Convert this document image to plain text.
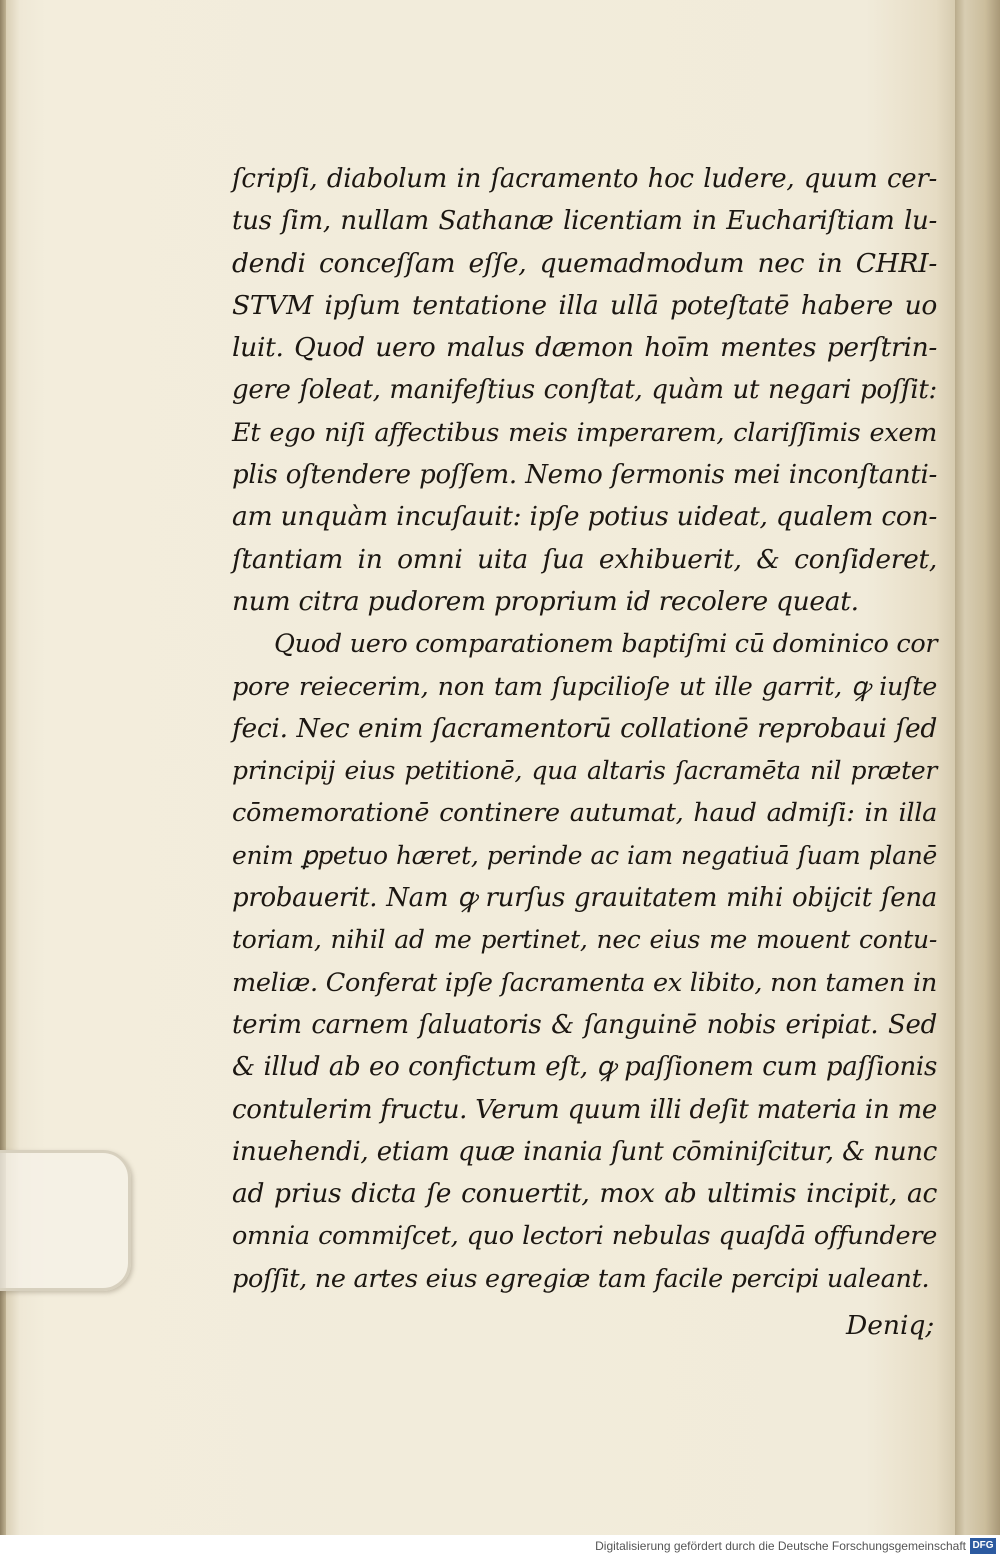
ſcripſi, diabolum in ſacramento hoc ludere, quum cer-
tus ſim, nullam Sathanæ licentiam in Euchariſtiam lu-
dendi conceſſam eſſe, quemadmodum nec in CHRI-
STVM ipſum tentatione illa ullā poteſtatē habere uo
luit. Quod uero malus dæmon hoīm mentes perſtrin-
gere ſoleat, manifeſtius conſtat, quàm ut negari poſſit:
Et ego niſi affectibus meis imperarem, clariſſimis exem
plis oſtendere poſſem. Nemo ſermonis mei inconſtanti-
am unquàm incuſauit: ipſe potius uideat, qualem con-
ſtantiam in omni uita ſua exhibuerit, & conſideret,
num citra pudorem proprium id recolere queat.
Quod uero comparationem baptiſmi cū dominico cor
pore reiecerim, non tam ſupcilioſe ut ille garrit, ꝙ iuſte
feci. Nec enim ſacramentorū collationē reprobaui ſed
principij eius petitionē, qua altaris ſacramēta nil præter
cōmemorationē continere autumat, haud admiſi: in illa
enim ꝑpetuo hæret, perinde ac iam negatiuā ſuam planē
probauerit. Nam ꝙ rurſus grauitatem mihi obijcit ſena
toriam, nihil ad me pertinet, nec eius me mouent contu-
meliæ. Conferat ipſe ſacramenta ex libito, non tamen in
terim carnem ſaluatoris & ſanguinē nobis eripiat. Sed
& illud ab eo confictum eſt, ꝙ paſſionem cum paſſionis
contulerim fructu. Verum quum illi deſit materia in me
inuehendi, etiam quæ inania ſunt cōminiſcitur, & nunc
ad prius dicta ſe conuertit, mox ab ultimis incipit, ac
omnia commiſcet, quo lectori nebulas quaſdā offundere
poſſit, ne artes eius egregiæ tam facile percipi ualeant.
Deniq;
Digitalisierung gefördert durch die Deutsche Forschungsgemeinschaft DFG
